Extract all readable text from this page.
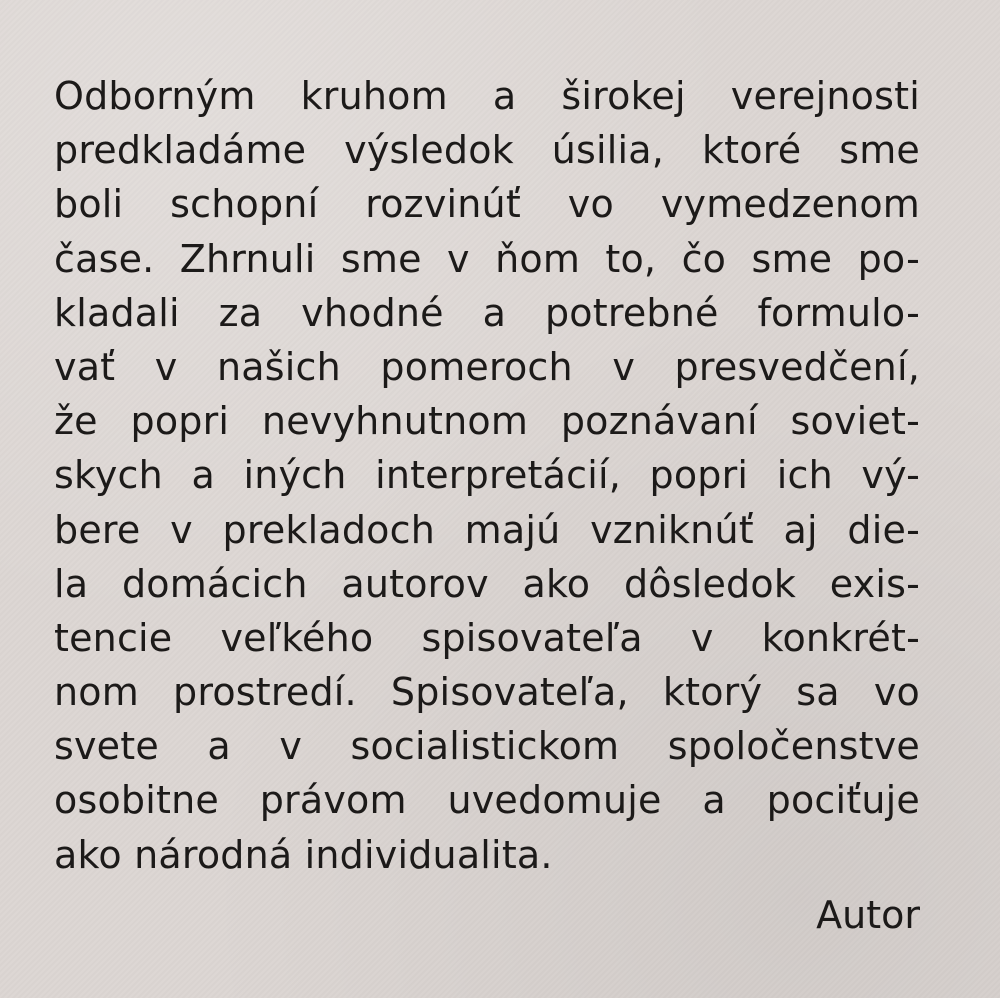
Odborným kruhom a širokej verejnosti
predkladáme výsledok úsilia, ktoré sme
boli schopní rozvinúť vo vymedzenom
čase. Zhrnuli sme v ňom to, čo sme po-
kladali za vhodné a potrebné formulo-
vať v našich pomeroch v presvedčení,
že popri nevyhnutnom poznávaní soviet-
skych a iných interpretácií, popri ich vý-
bere v prekladoch majú vzniknúť aj die-
la domácich autorov ako dôsledok exis-
tencie veľkého spisovateľa v konkrét-
nom prostredí. Spisovateľa, ktorý sa vo
svete a v socialistickom spoločenstve
osobitne právom uvedomuje a pociťuje
ako národná individualita.
Autor
